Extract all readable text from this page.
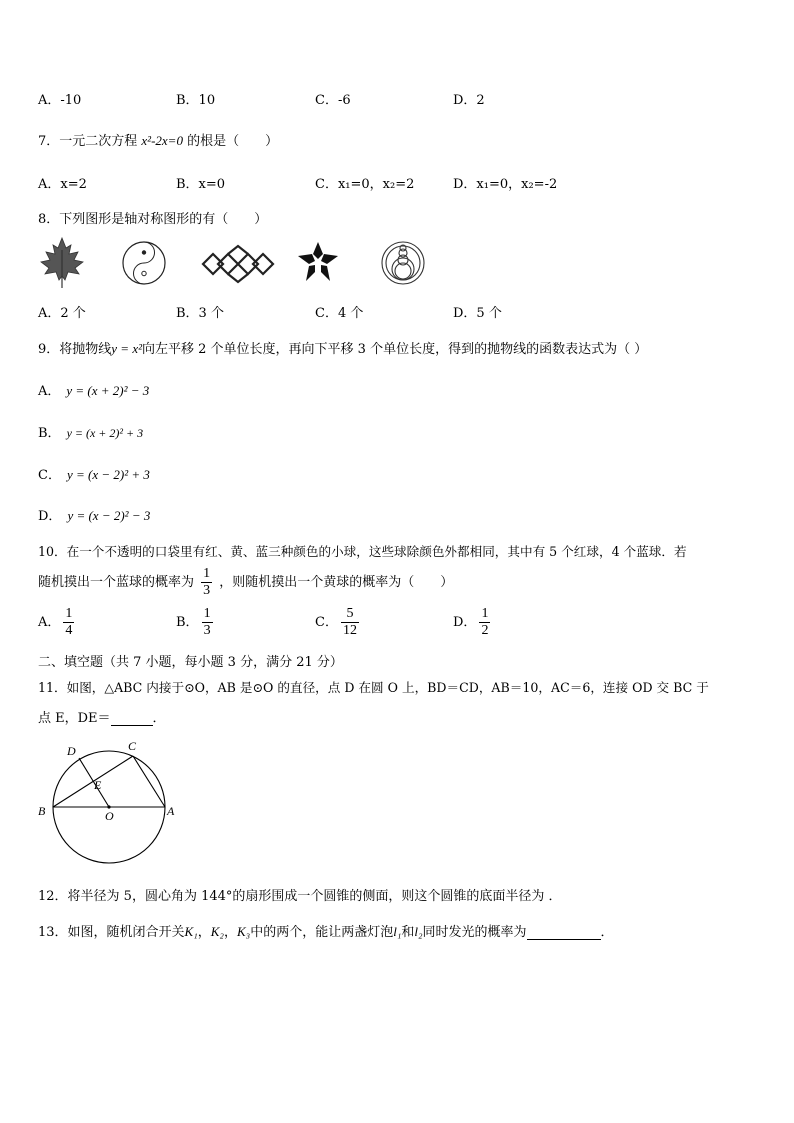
A．-10	B．10	C．-6	D．2
7．一元二次方程 x²-2x=0 的根是（　　）
A．x=2	B．x=0	C．x₁=0，x₂=2	D．x₁=0，x₂=-2
8．下列图形是轴对称图形的有（　　）
A．2 个	B．3 个	C．4 个	D．5 个
9．将抛物线y = x²向左平移 2 个单位长度，再向下平移 3 个单位长度，得到的抛物线的函数表达式为（ ）
A． y = (x + 2)² − 3
B． y = (x + 2)² + 3
C． y = (x − 2)² + 3
D． y = (x − 2)² − 3
10．在一个不透明的口袋里有红、黄、蓝三种颜色的小球，这些球除颜色外都相同，其中有 5 个红球，4 个蓝球．若
随机摸出一个蓝球的概率为 $\frac{1}{3}$ ，则随机摸出一个黄球的概率为（　　）
A． $\frac{1}{4}$	B． $\frac{1}{3}$	C． $\frac{5}{12}$	D． $\frac{1}{2}$
二、填空题（共 7 小题，每小题 3 分，满分 21 分）
11．如图，△ABC 内接于⊙O，AB 是⊙O 的直径，点 D 在圆 O 上，BD＝CD，AB＝10，AC＝6，连接 OD 交 BC 于
点 E，DE＝	．
D	C
E
B	O	A
12．将半径为 5，圆心角为 144°的扇形围成一个圆锥的侧面，则这个圆锥的底面半径为 ．
13．如图，随机闭合开关K₁，K₂，K₃中的两个，能让两盏灯泡l₁和l₂同时发光的概率为	．
